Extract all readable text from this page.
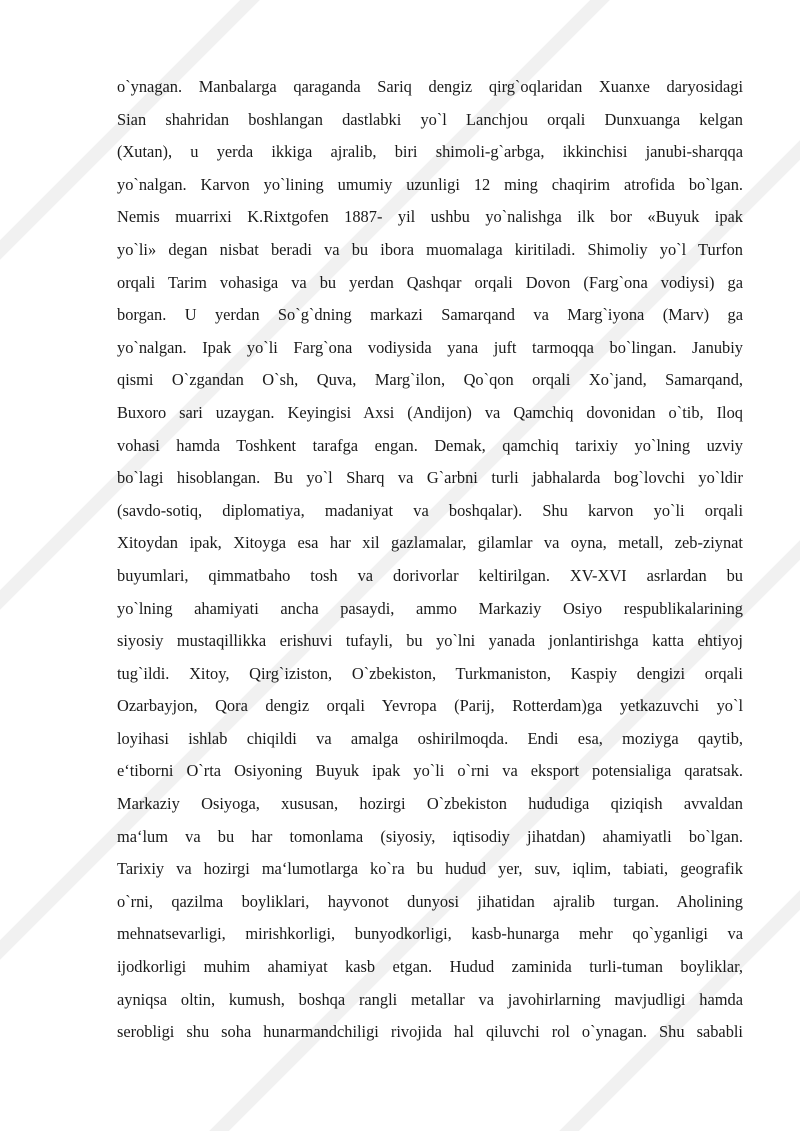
o`ynagan. Manbalarga qaraganda Sariq dengiz qirg`oqlaridan Xuanxe daryosidagi
Sian shahridan boshlangan dastlabki yo`l Lanchjou orqali Dunxuanga kelgan
(Xutan), u yerda ikkiga ajralib, biri shimoli-g`arbga, ikkinchisi janubi-sharqqa
yo`nalgan. Karvon yo`lining umumiy uzunligi 12 ming chaqirim atrofida bo`lgan.
Nemis muarrixi K.Rixtgofen 1887- yil ushbu yo`nalishga ilk bor «Buyuk ipak
yo`li» degan nisbat beradi va bu ibora muomalaga kiritiladi. Shimoliy yo`l Turfon
orqali Tarim vohasiga va bu yerdan Qashqar orqali Dovon (Farg`ona vodiysi) ga
borgan. U yerdan So`g`dning markazi Samarqand va Marg`iyona (Marv) ga
yo`nalgan. Ipak yo`li Farg`ona vodiysida yana juft tarmoqqa bo`lingan. Janubiy
qismi O`zgandan O`sh, Quva, Marg`ilon, Qo`qon orqali Xo`jand, Samarqand,
Buxoro sari uzaygan. Keyingisi Axsi (Andijon) va Qamchiq dovonidan o`tib, Iloq
vohasi hamda Toshkent tarafga engan. Demak, qamchiq tarixiy yo`lning uzviy
bo`lagi hisoblangan. Bu yo`l Sharq va G`arbni turli jabhalarda bog`lovchi yo`ldir
(savdo-sotiq, diplomatiya, madaniyat va boshqalar). Shu karvon yo`li orqali
Xitoydan ipak, Xitoyga esa har xil gazlamalar, gilamlar va oyna, metall, zeb-ziynat
buyumlari, qimmatbaho tosh va dorivorlar keltirilgan. XV-XVI asrlardan bu
yo`lning ahamiyati ancha pasaydi, ammo Markaziy Osiyo respublikalarining
siyosiy mustaqillikka erishuvi tufayli, bu yo`lni yanada jonlantirishga katta ehtiyoj
tug`ildi. Xitoy, Qirg`iziston, O`zbekiston, Turkmaniston, Kaspiy dengizi orqali
Ozarbayjon, Qora dengiz orqali Yevropa (Parij, Rotterdam)ga yetkazuvchi yo`l
loyihasi ishlab chiqildi va amalga oshirilmoqda. Endi esa, moziyga qaytib,
e‘tiborni O`rta Osiyoning Buyuk ipak yo`li o`rni va eksport potensialiga qaratsak.
Markaziy Osiyoga, xususan, hozirgi O`zbekiston hududiga qiziqish avvaldan
ma‘lum va bu har tomonlama (siyosiy, iqtisodiy jihatdan) ahamiyatli bo`lgan.
Tarixiy va hozirgi ma‘lumotlarga ko`ra bu hudud yer, suv, iqlim, tabiati, geografik
o`rni, qazilma boyliklari, hayvonot dunyosi jihatidan ajralib turgan. Aholining
mehnatsevarligi, mirishkorligi, bunyodkorligi, kasb-hunarga mehr qo`yganligi va
ijodkorligi muhim ahamiyat kasb etgan. Hudud zaminida turli-tuman boyliklar,
ayniqsa oltin, kumush, boshqa rangli metallar va javohirlarning mavjudligi hamda
serobligi shu soha hunarmandchiligi rivojida hal qiluvchi rol o`ynagan. Shu sababli
